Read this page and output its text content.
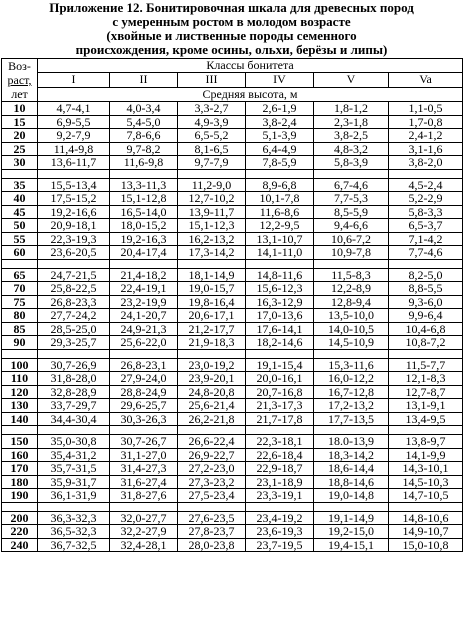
Приложение 12. Бонитировочная шкала для древесных пород
с умеренным ростом в молодом возрасте
(хвойные и лиственные породы семенного
происхождения, кроме осины, ольхи, берёзы и липы)
Воз-
раст,
лет	Классы бонитета					
	I	II	III	IV	V	Va
	Средняя высота, м					
10	4,7-4,1	4,0-3,4	3,3-2,7	2,6-1,9	1,8-1,2	1,1-0,5
15	6,9-5,5	5,4-5,0	4,9-3,9	3,8-2,4	2,3-1,8	1,7-0,8
20	9,2-7,9	7,8-6,6	6,5-5,2	5,1-3,9	3,8-2,5	2,4-1,2
25	11,4-9,8	9,7-8,2	8,1-6,5	6,4-4,9	4,8-3,2	3,1-1,6
30	13,6-11,7	11,6-9,8	9,7-7,9	7,8-5,9	5,8-3,9	3,8-2,0

35	15,5-13,4	13,3-11,3	11,2-9,0	8,9-6,8	6,7-4,6	4,5-2,4
40	17,5-15,2	15,1-12,8	12,7-10,2	10,1-7,8	7,7-5,3	5,2-2,9
45	19,2-16,6	16,5-14,0	13,9-11,7	11,6-8,6	8,5-5,9	5,8-3,3
50	20,9-18,1	18,0-15,2	15,1-12,3	12,2-9,5	9,4-6,6	6,5-3,7
55	22,3-19,3	19,2-16,3	16,2-13,2	13,1-10,7	10,6-7,2	7,1-4,2
60	23,6-20,5	20,4-17,4	17,3-14,2	14,1-11,0	10,9-7,8	7,7-4,6

65	24,7-21,5	21,4-18,2	18,1-14,9	14,8-11,6	11,5-8,3	8,2-5,0
70	25,8-22,5	22,4-19,1	19,0-15,7	15,6-12,3	12,2-8,9	8,8-5,5
75	26,8-23,3	23,2-19,9	19,8-16,4	16,3-12,9	12,8-9,4	9,3-6,0
80	27,7-24,2	24,1-20,7	20,6-17,1	17,0-13,6	13,5-10,0	9,9-6,4
85	28,5-25,0	24,9-21,3	21,2-17,7	17,6-14,1	14,0-10,5	10,4-6,8
90	29,3-25,7	25,6-22,0	21,9-18,3	18,2-14,6	14,5-10,9	10,8-7,2

100	30,7-26,9	26,8-23,1	23,0-19,2	19,1-15,4	15,3-11,6	11,5-7,7
110	31,8-28,0	27,9-24,0	23,9-20,1	20,0-16,1	16,0-12,2	12,1-8,3
120	32,8-28,9	28,8-24,9	24,8-20,8	20,7-16,8	16,7-12,8	12,7-8,7
130	33,7-29,7	29,6-25,7	25,6-21,4	21,3-17,3	17,2-13,2	13,1-9,1
140	34,4-30,4	30,3-26,3	26,2-21,8	21,7-17,8	17,7-13,5	13,4-9,5

150	35,0-30,8	30,7-26,7	26,6-22,4	22,3-18,1	18.0-13,9	13,8-9,7
160	35,4-31,2	31,1-27,0	26,9-22,7	22,6-18,4	18,3-14,2	14,1-9,9
170	35,7-31,5	31,4-27,3	27,2-23,0	22,9-18,7	18,6-14,4	14,3-10,1
180	35,9-31,7	31,6-27,4	27,3-23,2	23,1-18,9	18,8-14,6	14,5-10,3
190	36,1-31,9	31,8-27,6	27,5-23,4	23,3-19,1	19,0-14,8	14,7-10,5

200	36,3-32,3	32,0-27,7	27,6-23,5	23,4-19,2	19,1-14,9	14,8-10,6
220	36,5-32,3	32,2-27,9	27,8-23,7	23,6-19,3	19,2-15,0	14,9-10,7
240	36,7-32,5	32,4-28,1	28,0-23,8	23,7-19,5	19,4-15,1	15,0-10,8
